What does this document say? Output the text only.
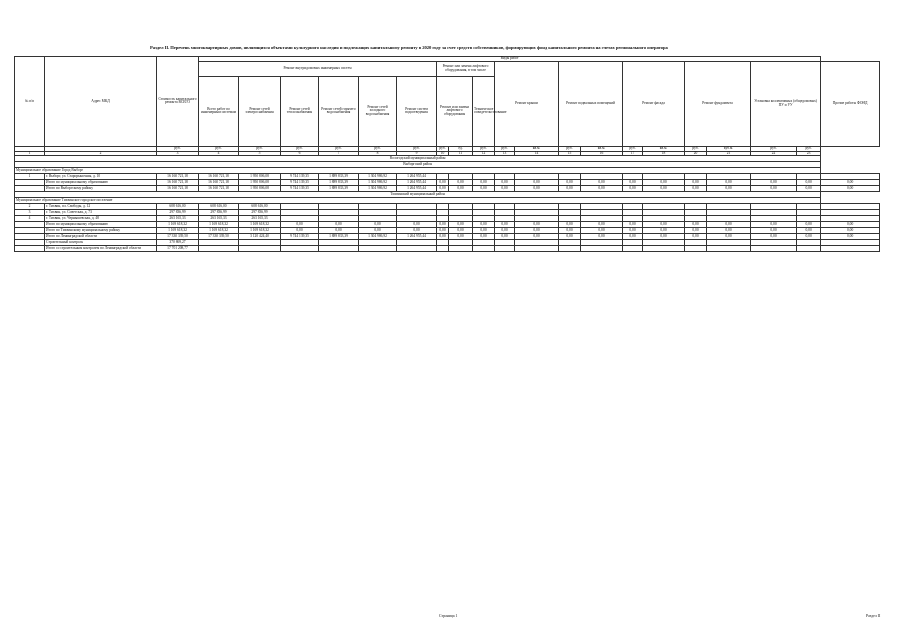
Раздел II. Перечень многоквартирных домов, являющихся объектами культурного наследия и подлежащих капитальному ремонту в 2020 году за счет средств собственников, формирующих фонд капитального ремонта на счетах регионального оператора
№ п/п	Адрес МКД	Стоимость капитального ремонта ВСЕГО	Виды работ																			
			Ремонт внутридомовых инженерных систем						Ремонт или замена лифтового оборудования, в том числе			Ремонт крыши		Ремонт подвальных помещений		Ремонт фасада		Ремонт фундамента		Установка коллективных (общедомовых) ПУ и УУ		Прочие работы ФОНД
			Всего работ по инженерным системам	Ремонт сетей электроснабжения	Ремонт сетей теплоснабжения	Ремонт сетей горячего водоснабжения	Ремонт сетей холодного водоснабжения	Ремонт систем водоотведения	Ремонт или замена лифтового оборудования		Техническое освидетельствование											
		руб.	руб.	руб.	руб.	руб.	руб.	руб.	руб.	ед.	руб.	руб.	кв.м.	руб.	кв.м.	руб.	кв.м.	руб.	куб.м.	руб.	руб.	
1	2	3	4	5	6	7	8	9	10	11	12	13	14	15	16	17	18	20	21	22	23	
Вологодский муниципальный район																						
Выборгский район																						
Муниципальное образование Город Выборг																						
1	г. Выборг, ул. Старорыночная, д. 10	16 160 721,18	16 160 721,18	1 950 806,08	9 744 139,35	1 889 833,39	1 304 986,92	1 264 955,44														
	Итого по муниципальному образованию	16 160 721,18	16 160 721,18	1 950 806,08	9 744 139,35	1 889 833,39	1 304 986,92	1 264 955,44	0,00	0,00	0,00	0,00	0,00	0,00	0,00	0,00	0,00	0,00	0,00	0,00	0,00	0,00
	Итого по Выборгскому району	16 160 721,18	16 160 721,18	1 950 806,08	9 744 139,35	1 889 833,39	1 304 986,92	1 264 955,44	0,00	0,00	0,00	0,00	0,00	0,00	0,00	0,00	0,00	0,00	0,00	0,00	0,00	0,00
Тихвинский муниципальный район																						
Муниципальное образование Тихвинское городское поселение																						
2	г. Тихвин, пл. Свободы, д. 12	608 616,00	608 616,00	608 616,00																		
3	г. Тихвин, ул. Советская, д. 73	297 836,99	297 836,99	297 836,99																		
4	г. Тихвин, ул. Чернышевская, д. 48	263 165,33	263 165,33	263 165,33																		
	Итого по муниципальному образованию	1 169 618,32	1 169 618,32	1 169 618,32	0,00	0,00	0,00	0,00	0,00	0,00	0,00	0,00	0,00	0,00	0,00	0,00	0,00	0,00	0,00	0,00	0,00	0,00
	Итого по Тихвинскому муниципальному району	1 169 618,32	1 169 618,32	1 169 618,32	0,00	0,00	0,00	0,00	0,00	0,00	0,00	0,00	0,00	0,00	0,00	0,00	0,00	0,00	0,00	0,00	0,00	0,00
	Итого по Ленинградской области	17 330 339,50	17 330 339,50	3 120 424,40	9 744 139,35	1 889 833,39	1 304 986,92	1 264 955,44	0,00	0,00	0,00	0,00	0,00	0,00	0,00	0,00	0,00	0,00	0,00	0,00	0,00	0,00
	Строительный контроль	370 869,27																				
	Итого со строительным контролем по Ленинградской области	17 701 208,77																				
Страница 1	Раздел II
